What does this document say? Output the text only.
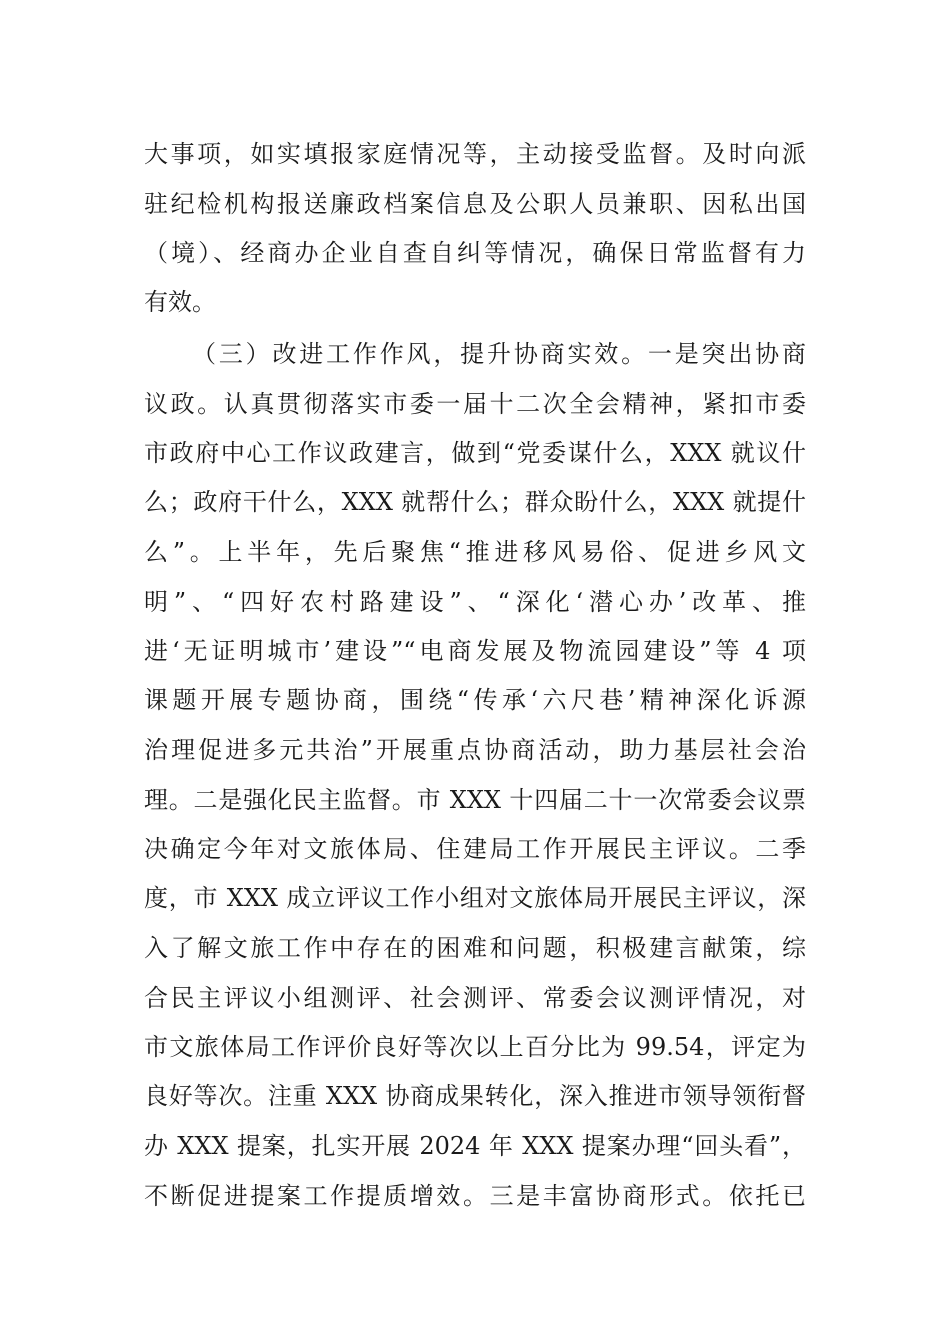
大事项，如实填报家庭情况等，主动接受监督。及时向派
驻纪检机构报送廉政档案信息及公职人员兼职、因私出国
（境）、经商办企业自查自纠等情况，确保日常监督有力
有效。
（三）改进工作作风，提升协商实效。一是突出协商
议政。认真贯彻落实市委一届十二次全会精神，紧扣市委
市政府中心工作议政建言，做到“党委谋什么，XXX 就议什
么；政府干什么，XXX 就帮什么；群众盼什么，XXX 就提什
么”。上半年，先后聚焦“推进移风易俗、促进乡风文
明”、“四好农村路建设”、“深化‘潜心办’改革、推
进‘无证明城市’建设”“电商发展及物流园建设”等 4 项
课题开展专题协商，围绕“传承‘六尺巷’精神深化诉源
治理促进多元共治”开展重点协商活动，助力基层社会治
理。二是强化民主监督。市 XXX 十四届二十一次常委会议票
决确定今年对文旅体局、住建局工作开展民主评议。二季
度，市 XXX 成立评议工作小组对文旅体局开展民主评议，深
入了解文旅工作中存在的困难和问题，积极建言献策，综
合民主评议小组测评、社会测评、常委会议测评情况，对
市文旅体局工作评价良好等次以上百分比为 99.54，评定为
良好等次。注重 XXX 协商成果转化，深入推进市领导领衔督
办 XXX 提案，扎实开展 2024 年 XXX 提案办理“回头看”，
不断促进提案工作提质增效。三是丰富协商形式。依托已
